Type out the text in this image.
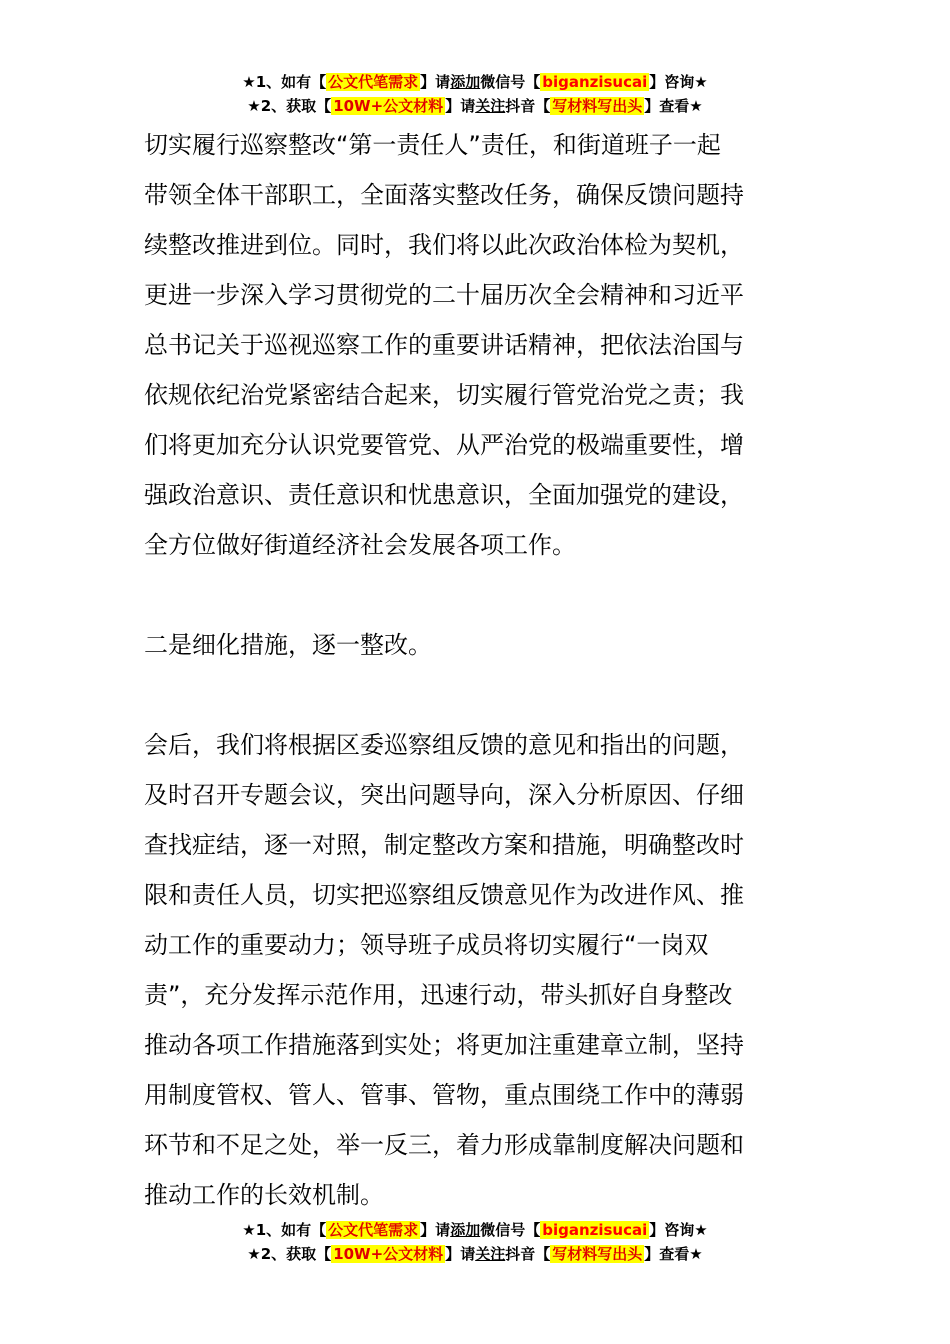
★1、如有【 公文代笔需求 】请添加微信号【 biganzisucai 】咨询★
★2、获取【 10W+公文材料 】请关注抖音【 写材料写出头 】查看★

切实履行巡察整改“第一责任人”责任，和街道班子一起

带领全体干部职工，全面落实整改任务，确保反馈问题持

续整改推进到位。同时，我们将以此次政治体检为契机，

更进一步深入学习贯彻党的二十届历次全会精神和习近平

总书记关于巡视巡察工作的重要讲话精神，把依法治国与

依规依纪治党紧密结合起来，切实履行管党治党之责；我

们将更加充分认识党要管党、从严治党的极端重要性，增

强政治意识、责任意识和忧患意识，全面加强党的建设，

全方位做好街道经济社会发展各项工作。

二是细化措施，逐一整改。

会后，我们将根据区委巡察组反馈的意见和指出的问题，

及时召开专题会议，突出问题导向，深入分析原因、仔细

查找症结，逐一对照，制定整改方案和措施，明确整改时

限和责任人员，切实把巡察组反馈意见作为改进作风、推

动工作的重要动力；领导班子成员将切实履行“一岗双

责”，充分发挥示范作用，迅速行动，带头抓好自身整改

推动各项工作措施落到实处；将更加注重建章立制，坚持

用制度管权、管人、管事、管物，重点围绕工作中的薄弱

环节和不足之处，举一反三，着力形成靠制度解决问题和

推动工作的长效机制。

★1、如有【 公文代笔需求 】请添加微信号【 biganzisucai 】咨询★
★2、获取【 10W+公文材料 】请关注抖音【 写材料写出头 】查看★
